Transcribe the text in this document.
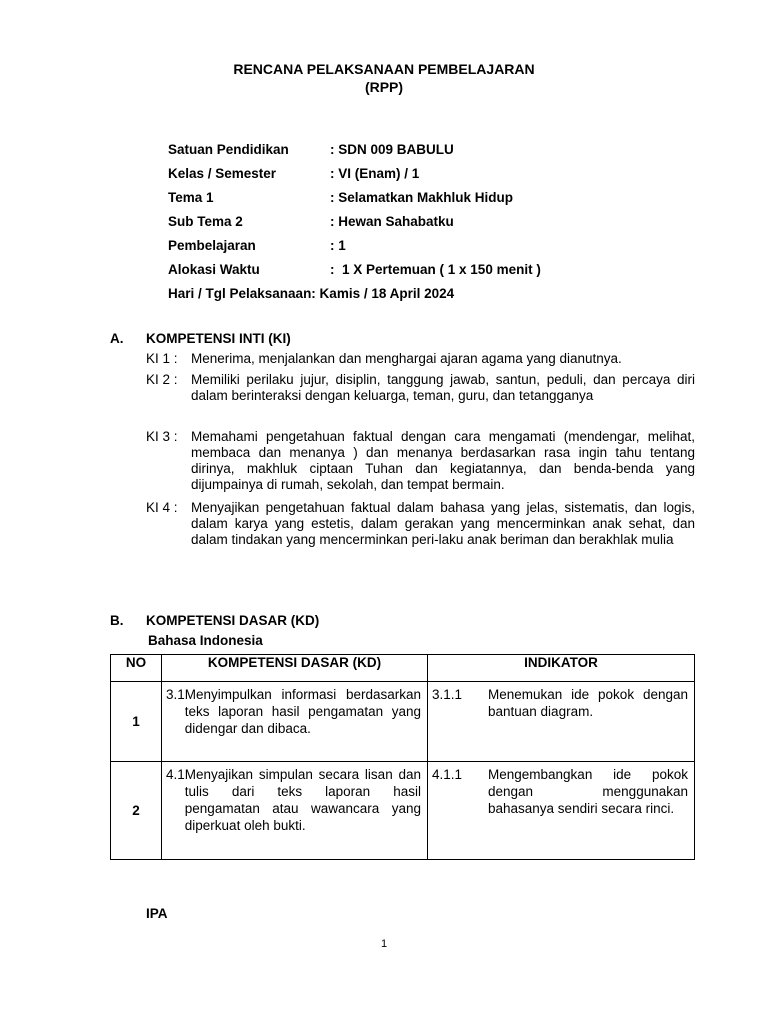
RENCANA PELAKSANAAN PEMBELAJARAN
(RPP)
Satuan Pendidikan	: SDN 009 BABULU
Kelas / Semester	: VI (Enam) / 1
Tema 1	: Selamatkan Makhluk Hidup
Sub Tema 2	: Hewan Sahabatku
Pembelajaran	: 1
Alokasi Waktu	:  1 X Pertemuan ( 1 x 150 menit )
Hari / Tgl Pelaksanaan: Kamis / 18 April 2024
A. KOMPETENSI INTI (KI)
KI 1 : Menerima, menjalankan dan menghargai ajaran agama yang dianutnya.
KI 2 : Memiliki perilaku jujur, disiplin, tanggung jawab, santun, peduli, dan percaya diri dalam berinteraksi dengan keluarga, teman, guru, dan tetangganya
KI 3 : Memahami pengetahuan faktual dengan cara mengamati (mendengar, melihat, membaca dan menanya ) dan menanya berdasarkan rasa ingin tahu tentang dirinya, makhluk ciptaan Tuhan dan kegiatannya, dan benda-benda yang dijumpainya di rumah, sekolah, dan tempat bermain.
KI 4 : Menyajikan pengetahuan faktual dalam bahasa yang jelas, sistematis, dan logis, dalam karya yang estetis, dalam gerakan yang mencerminkan anak sehat, dan dalam tindakan yang mencerminkan peri-laku anak beriman dan berakhlak mulia
B. KOMPETENSI DASAR (KD)
Bahasa Indonesia
NO	KOMPETENSI DASAR (KD)	INDIKATOR
1	3.1 Menyimpulkan informasi berdasarkan teks laporan hasil pengamatan yang didengar dan dibaca.	3.1.1 Menemukan ide pokok dengan bantuan diagram.

2	4.1 Menyajikan simpulan secara lisan dan tulis dari teks laporan hasil pengamatan atau wawancara yang diperkuat oleh bukti.	4.1.1 Mengembangkan ide pokok dengan menggunakan bahasanya sendiri secara rinci.
IPA
1
